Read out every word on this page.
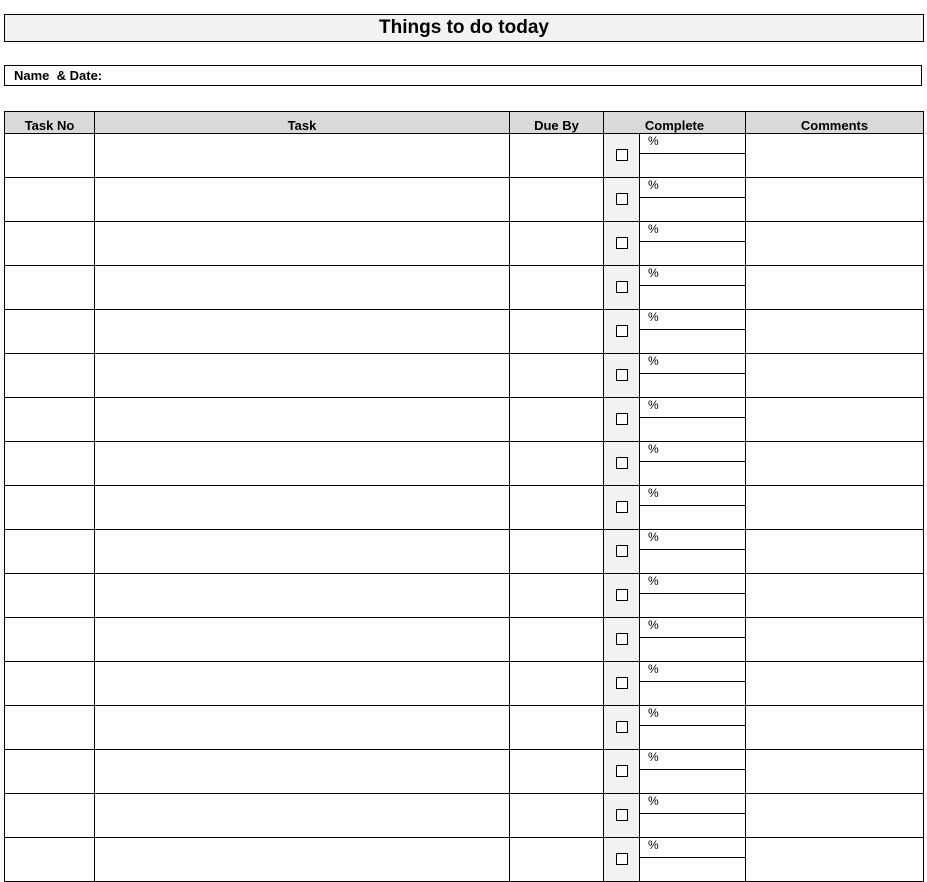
Things to do today
Name  & Date:
Task No	Task	Due By	Complete		Comments

				%	

				%	

				%	

				%	

				%	

				%	

				%	

				%	

				%	

				%	

				%	

				%	

				%	

				%	

				%	

				%	

				%	
